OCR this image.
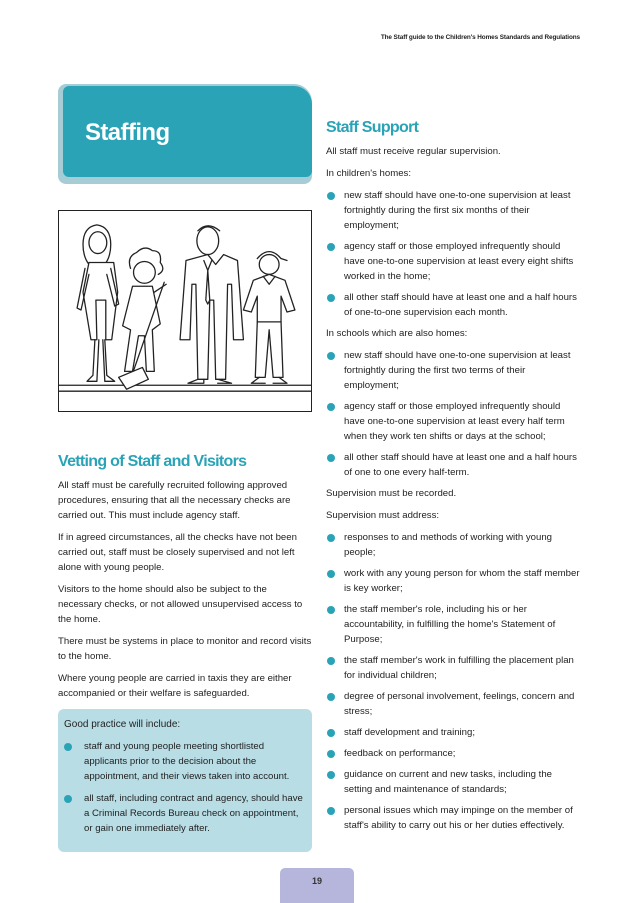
The Staff guide to the Children's Homes Standards and Regulations
Staffing
Vetting of Staff and Visitors

All staff must be carefully recruited following approved procedures, ensuring that all the necessary checks are carried out. This must include agency staff.

If in agreed circumstances, all the checks have not been carried out, staff must be closely supervised and not left alone with young people.

Visitors to the home should also be subject to the necessary checks, or not allowed unsupervised access to the home.

There must be systems in place to monitor and record visits to the home.

Where young people are carried in taxis they are either accompanied or their welfare is safeguarded.

Good practice will include:
staff and young people meeting shortlisted applicants prior to the decision about the appointment, and their views taken into account.
all staff, including contract and agency, should have a Criminal Records Bureau check on appointment, or gain one immediately after.
Staff Support

All staff must receive regular supervision.

In children's homes:

new staff should have one-to-one supervision at least fortnightly during the first six months of their employment;
agency staff or those employed infrequently should have one-to-one supervision at least every eight shifts worked in the home;
all other staff should have at least one and a half hours of one-to-one supervision each month.

In schools which are also homes:

new staff should have one-to-one supervision at least fortnightly during the first two terms of their employment;
agency staff or those employed infrequently should have one-to-one supervision at least every half term when they work ten shifts or days at the school;
all other staff should have at least one and a half hours of one to one every half-term.

Supervision must be recorded.

Supervision must address:

responses to and methods of working with young people;
work with any young person for whom the staff member is key worker;
the staff member's role, including his or her accountability, in fulfilling the home's Statement of Purpose;
the staff member's work in fulfilling the placement plan for individual children;
degree of personal involvement, feelings, concern and stress;
staff development and training;
feedback on performance;
guidance on current and new tasks, including the setting and maintenance of standards;
personal issues which may impinge on the member of staff's ability to carry out his or her duties effectively.
19
